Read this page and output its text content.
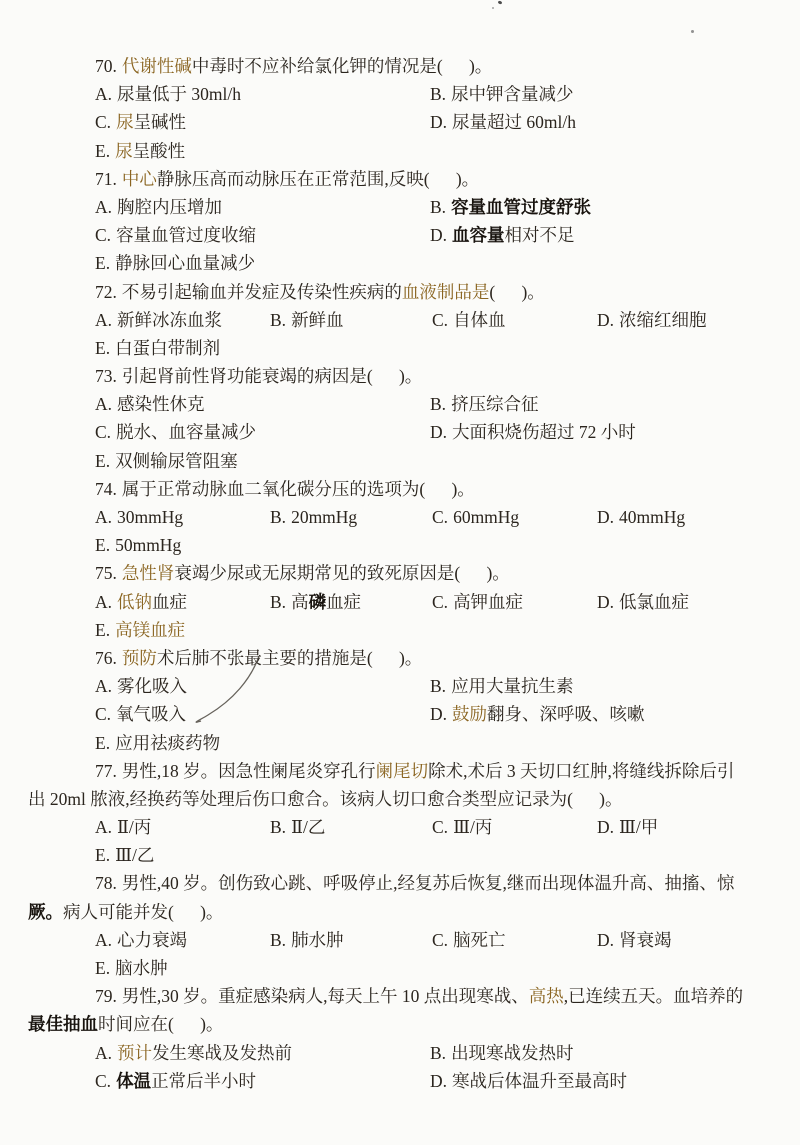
70. 代谢性碱中毒时不应补给氯化钾的情况是(      )。
A. 尿量低于 30ml/h	B. 尿中钾含量减少
C. 尿呈碱性	D. 尿量超过 60ml/h
E. 尿呈酸性
71. 中心静脉压高而动脉压在正常范围,反映(      )。
A. 胸腔内压增加	B. 容量血管过度舒张
C. 容量血管过度收缩	D. 血容量相对不足
E. 静脉回心血量减少
72. 不易引起输血并发症及传染性疾病的血液制品是(      )。
A. 新鲜冰冻血浆	B. 新鲜血	C. 自体血	D. 浓缩红细胞
E. 白蛋白带制剂
73. 引起肾前性肾功能衰竭的病因是(      )。
A. 感染性休克	B. 挤压综合征
C. 脱水、血容量减少	D. 大面积烧伤超过 72 小时
E. 双侧输尿管阻塞
74. 属于正常动脉血二氧化碳分压的选项为(      )。
A. 30mmHg	B. 20mmHg	C. 60mmHg	D. 40mmHg
E. 50mmHg
75. 急性肾衰竭少尿或无尿期常见的致死原因是(      )。
A. 低钠血症	B. 高磷血症	C. 高钾血症	D. 低氯血症
E. 高镁血症
76. 预防术后肺不张最主要的措施是(      )。
A. 雾化吸入	B. 应用大量抗生素
C. 氧气吸入	D. 鼓励翻身、深呼吸、咳嗽
E. 应用祛痰药物
77. 男性,18 岁。因急性阑尾炎穿孔行阑尾切除术,术后 3 天切口红肿,将缝线拆除后引
出 20ml 脓液,经换药等处理后伤口愈合。该病人切口愈合类型应记录为(      )。
A. Ⅱ/丙	B. Ⅱ/乙	C. Ⅲ/丙	D. Ⅲ/甲
E. Ⅲ/乙
78. 男性,40 岁。创伤致心跳、呼吸停止,经复苏后恢复,继而出现体温升高、抽搐、惊
厥。病人可能并发(      )。
A. 心力衰竭	B. 肺水肿	C. 脑死亡	D. 肾衰竭
E. 脑水肿
79. 男性,30 岁。重症感染病人,每天上午 10 点出现寒战、高热,已连续五天。血培养的
最佳抽血时间应在(      )。
A. 预计发生寒战及发热前	B. 出现寒战发热时
C. 体温正常后半小时	D. 寒战后体温升至最高时
